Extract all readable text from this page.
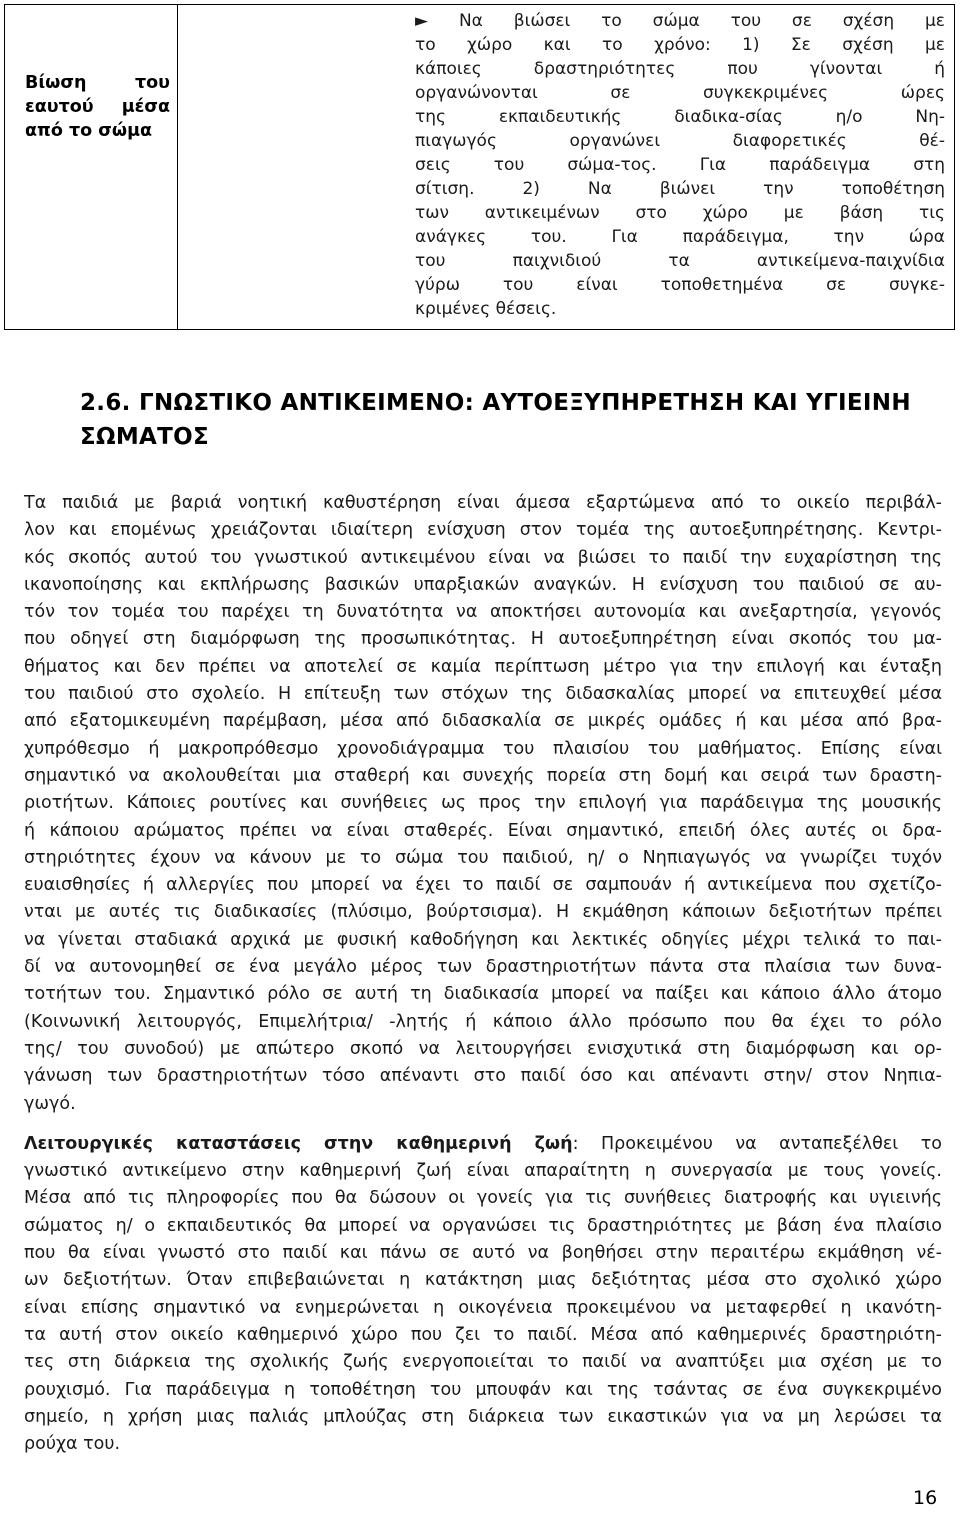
Βίωση	του
εαυτού μέσα
από το σώμα
► Να βιώσει το σώμα του σε σχέση με
το χώρο και το χρόνο: 1) Σε σχέση με
κάποιες δραστηριότητες που γίνονται ή
οργανώνονται σε συγκεκριμένες ώρες
της εκπαιδευτικής διαδικα-σίας η/ο Νη-
πιαγωγός οργανώνει διαφορετικές θέ-
σεις του σώμα-τος. Για παράδειγμα στη
σίτιση. 2) Να βιώνει την τοποθέτηση
των αντικειμένων στο χώρο με βάση τις
ανάγκες του. Για παράδειγμα, την ώρα
του παιχνιδιού τα αντικείμενα-παιχνίδια
γύρω του είναι τοποθετημένα σε συγκε-
κριμένες θέσεις.
2.6. ΓΝΩΣΤΙΚΟ ΑΝΤΙΚΕΙΜΕΝΟ: ΑΥΤΟΕΞΥΠΗΡΕΤΗΣΗ ΚΑΙ ΥΓΙΕΙΝΗ
ΣΩΜΑΤΟΣ
Τα παιδιά με βαριά νοητική καθυστέρηση είναι άμεσα εξαρτώμενα από το οικείο περιβάλ-
λον και επομένως χρειάζονται ιδιαίτερη ενίσχυση στον τομέα της αυτοεξυπηρέτησης. Κεντρι-
κός σκοπός αυτού του γνωστικού αντικειμένου είναι να βιώσει το παιδί την ευχαρίστηση της
ικανοποίησης και εκπλήρωσης βασικών υπαρξιακών αναγκών. Η ενίσχυση του παιδιού σε αυ-
τόν τον τομέα του παρέχει τη δυνατότητα να αποκτήσει αυτονομία και ανεξαρτησία, γεγονός
που οδηγεί στη διαμόρφωση της προσωπικότητας. Η αυτοεξυπηρέτηση είναι σκοπός του μα-
θήματος και δεν πρέπει να αποτελεί σε καμία περίπτωση μέτρο για την επιλογή και ένταξη
του παιδιού στο σχολείο. Η επίτευξη των στόχων της διδασκαλίας μπορεί να επιτευχθεί μέσα
από εξατομικευμένη παρέμβαση, μέσα από διδασκαλία σε μικρές ομάδες ή και μέσα από βρα-
χυπρόθεσμο ή μακροπρόθεσμο χρονοδιάγραμμα του πλαισίου του μαθήματος. Επίσης είναι
σημαντικό να ακολουθείται μια σταθερή και συνεχής πορεία στη δομή και σειρά των δραστη-
ριοτήτων. Κάποιες ρουτίνες και συνήθειες ως προς την επιλογή για παράδειγμα της μουσικής
ή κάποιου αρώματος πρέπει να είναι σταθερές. Είναι σημαντικό, επειδή όλες αυτές οι δρα-
στηριότητες έχουν να κάνουν με το σώμα του παιδιού, η/ ο Νηπιαγωγός να γνωρίζει τυχόν
ευαισθησίες ή αλλεργίες που μπορεί να έχει το παιδί σε σαμπουάν ή αντικείμενα που σχετίζο-
νται με αυτές τις διαδικασίες (πλύσιμο, βούρτσισμα). Η εκμάθηση κάποιων δεξιοτήτων πρέπει
να γίνεται σταδιακά αρχικά με φυσική καθοδήγηση και λεκτικές οδηγίες μέχρι τελικά το παι-
δί να αυτονομηθεί σε ένα μεγάλο μέρος των δραστηριοτήτων πάντα στα πλαίσια των δυνα-
τοτήτων του. Σημαντικό ρόλο σε αυτή τη διαδικασία μπορεί να παίξει και κάποιο άλλο άτομο
(Κοινωνική λειτουργός, Επιμελήτρια/ -λητής ή κάποιο άλλο πρόσωπο που θα έχει το ρόλο
της/ του συνοδού) με απώτερο σκοπό να λειτουργήσει ενισχυτικά στη διαμόρφωση και ορ-
γάνωση των δραστηριοτήτων τόσο απέναντι στο παιδί όσο και απέναντι στην/ στον Νηπια-
γωγό.
Λειτουργικές καταστάσεις στην καθημερινή ζωή: Προκειμένου να ανταπεξέλθει το
γνωστικό αντικείμενο στην καθημερινή ζωή είναι απαραίτητη η συνεργασία με τους γονείς.
Μέσα από τις πληροφορίες που θα δώσουν οι γονείς για τις συνήθειες διατροφής και υγιεινής
σώματος η/ ο εκπαιδευτικός θα μπορεί να οργανώσει τις δραστηριότητες με βάση ένα πλαίσιο
που θα είναι γνωστό στο παιδί και πάνω σε αυτό να βοηθήσει στην περαιτέρω εκμάθηση νέ-
ων δεξιοτήτων. Όταν επιβεβαιώνεται η κατάκτηση μιας δεξιότητας μέσα στο σχολικό χώρο
είναι επίσης σημαντικό να ενημερώνεται η οικογένεια προκειμένου να μεταφερθεί η ικανότη-
τα αυτή στον οικείο καθημερινό χώρο που ζει το παιδί. Μέσα από καθημερινές δραστηριότη-
τες στη διάρκεια της σχολικής ζωής ενεργοποιείται το παιδί να αναπτύξει μια σχέση με το
ρουχισμό. Για παράδειγμα η τοποθέτηση του μπουφάν και της τσάντας σε ένα συγκεκριμένο
σημείο, η χρήση μιας παλιάς μπλούζας στη διάρκεια των εικαστικών για να μη λερώσει τα
ρούχα του.
16
